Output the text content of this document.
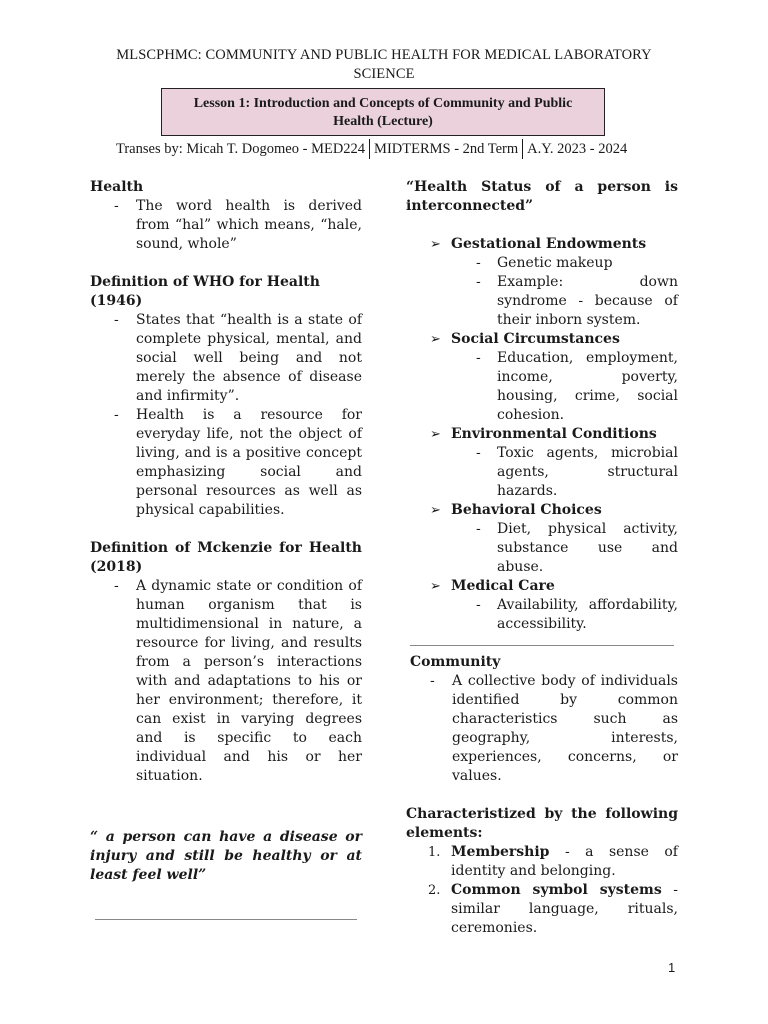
MLSCPHMC: COMMUNITY AND PUBLIC HEALTH FOR MEDICAL LABORATORY
SCIENCE
Lesson 1: Introduction and Concepts of Community and Public
Health (Lecture)
Transes by: Micah T. Dogomeo - MED224 MIDTERMS - 2nd Term A.Y. 2023 - 2024

Health

- The word health is derived from “hal” which means, “hale, sound, whole”

Definition of WHO for Health (1946)

- States that “health is a state of complete physical, mental, and social well being and not merely the absence of disease and infirmity”.
- Health is a resource for everyday life, not the object of living, and is a positive concept emphasizing social and personal resources as well as physical capabilities.

Definition of Mckenzie for Health (2018)

- A dynamic state or condition of human organism that is multidimensional in nature, a resource for living, and results from a person’s interactions with and adaptations to his or her environment; therefore, it can exist in varying degrees and is specific to each individual and his or her situation.

“ a person can have a disease or injury and still be healthy or at least feel well”

“Health Status of a person is interconnected”

➢ Gestational Endowments
- Genetic makeup
- Example: down syndrome - because of their inborn system.
➢ Social Circumstances
- Education, employment, income, poverty, housing, crime, social cohesion.
➢ Environmental Conditions
- Toxic agents, microbial agents, structural hazards.
➢ Behavioral Choices
- Diet, physical activity, substance use and abuse.
➢ Medical Care
- Availability, affordability, accessibility.

Community

- A collective body of individuals identified by common characteristics such as geography, interests, experiences, concerns, or values.

Characteristized by the following elements:

1. Membership - a sense of identity and belonging.
2. Common symbol systems - similar language, rituals, ceremonies.
1
